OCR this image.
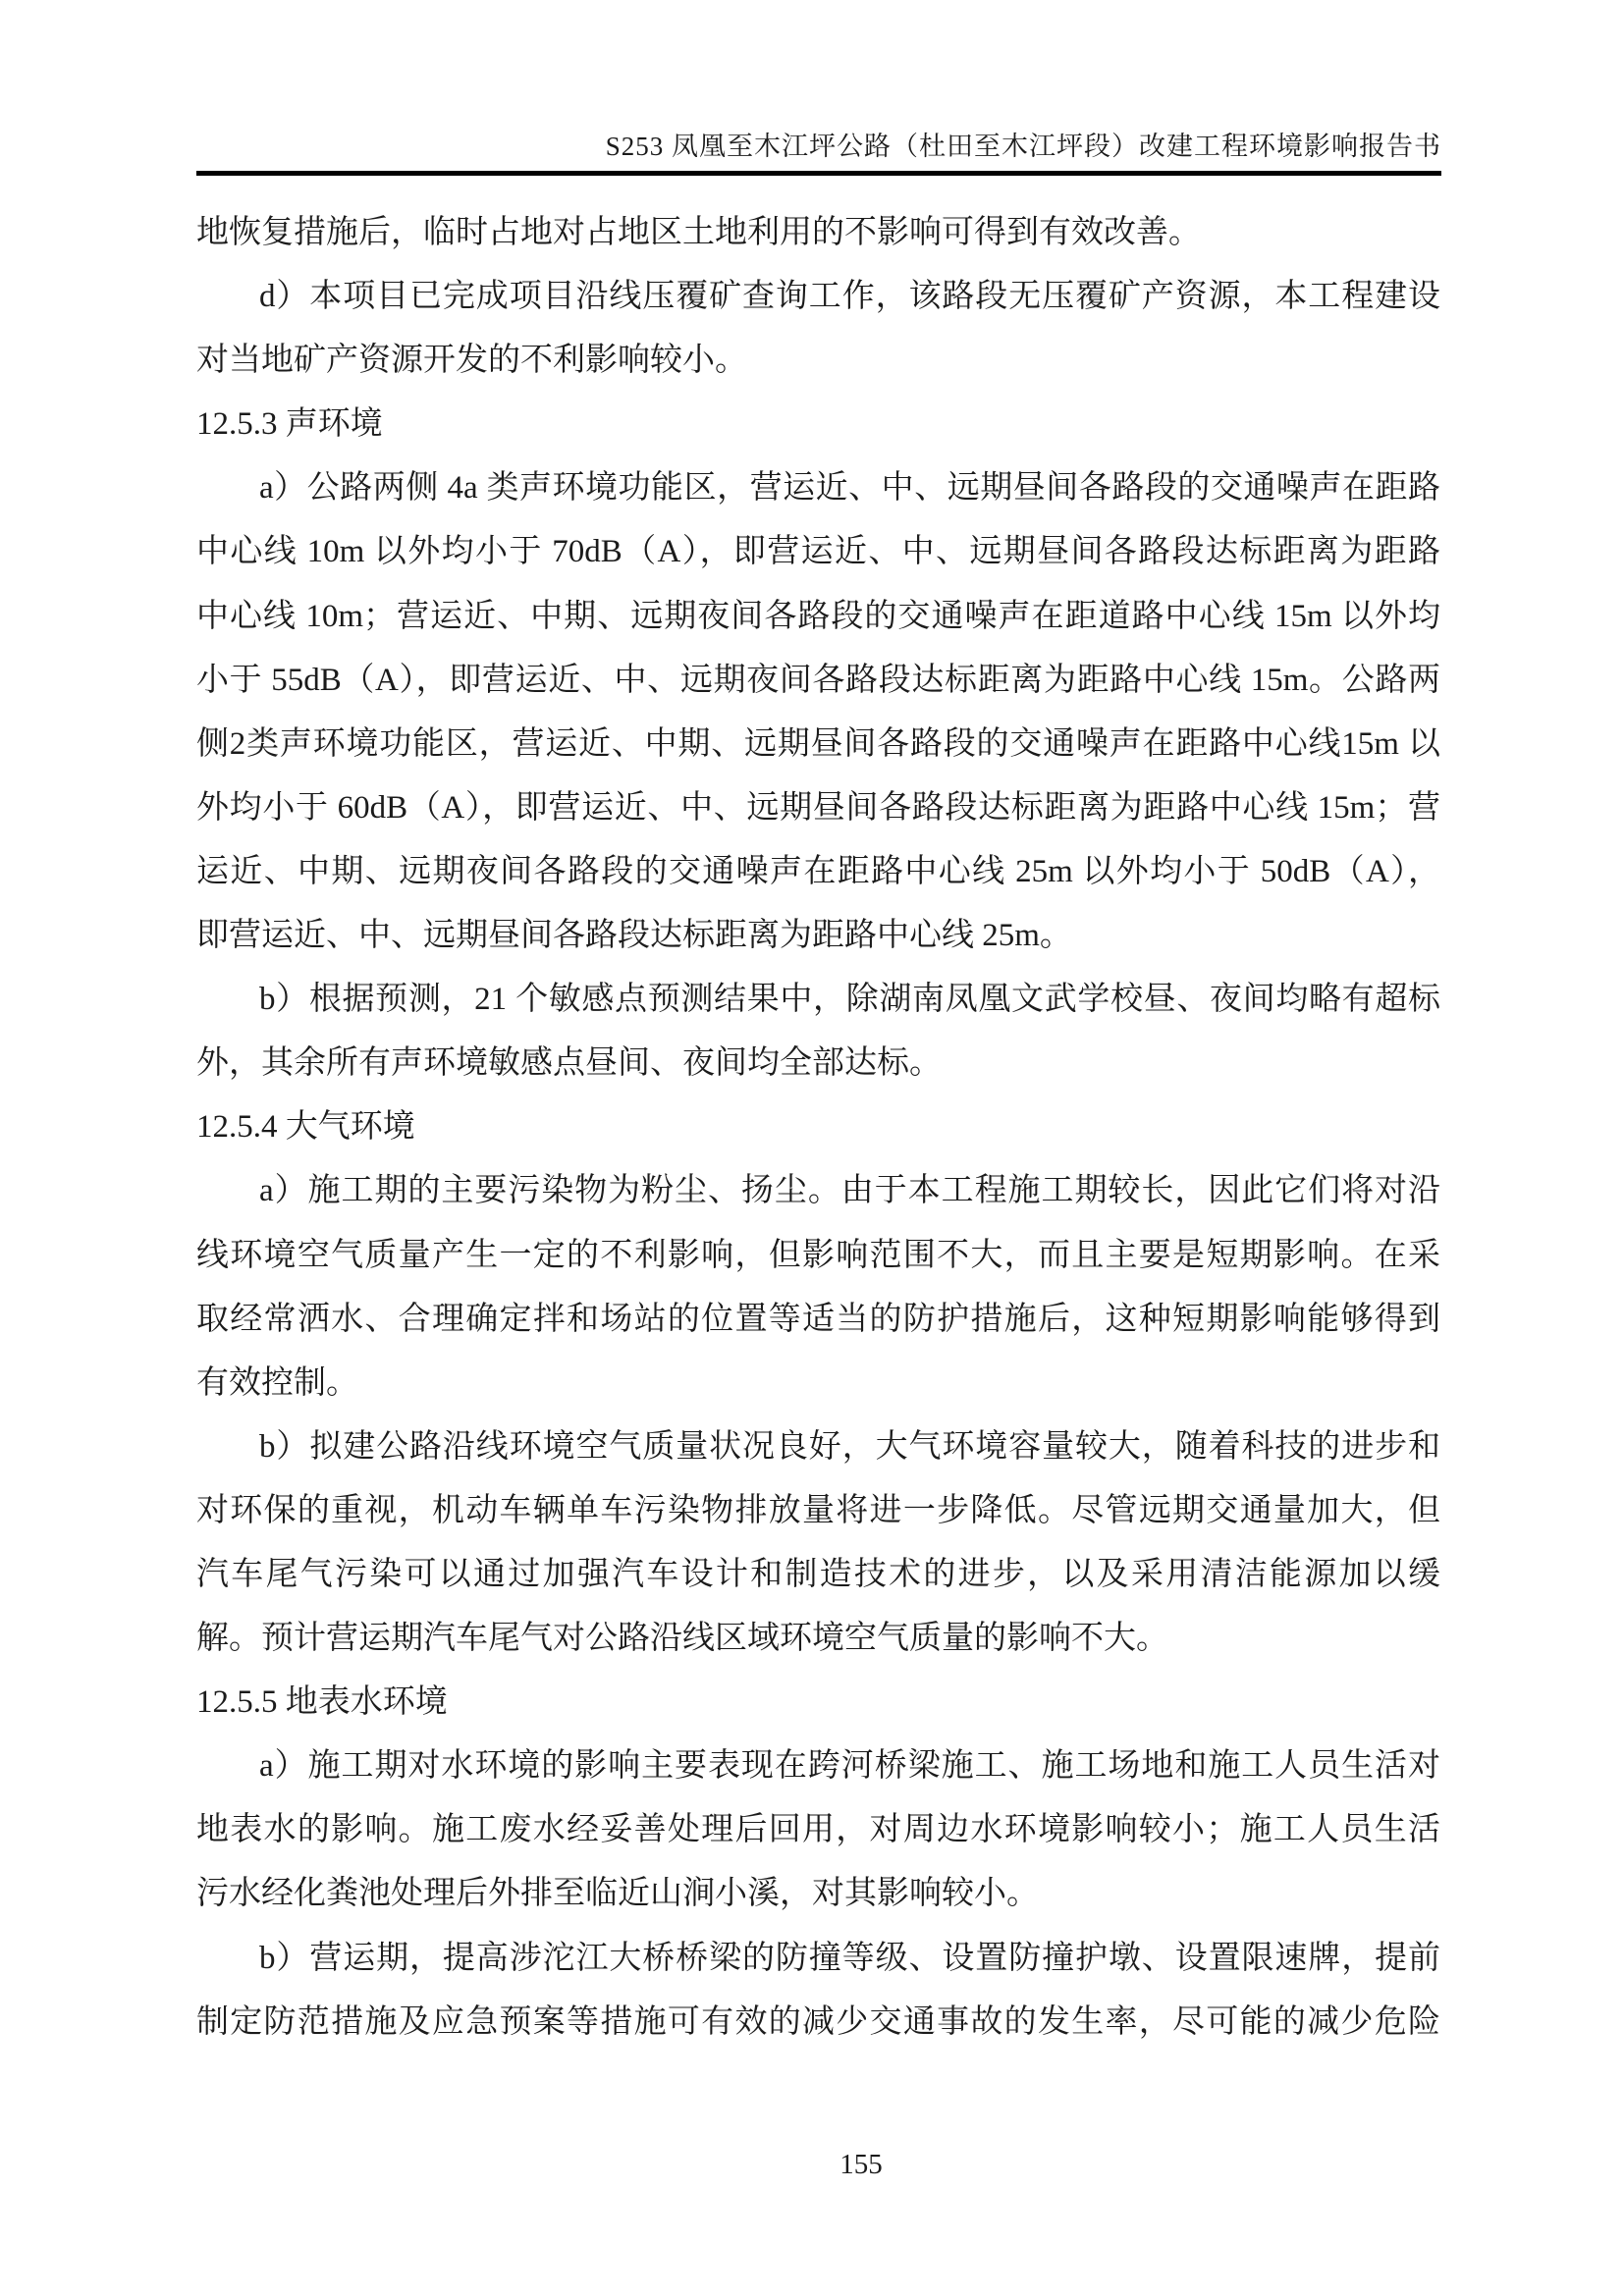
S253 凤凰至木江坪公路（杜田至木江坪段）改建工程环境影响报告书
地恢复措施后，临时占地对占地区土地利用的不影响可得到有效改善。
d）本项目已完成项目沿线压覆矿查询工作，该路段无压覆矿产资源，本工程建设
对当地矿产资源开发的不利影响较小。
12.5.3 声环境
a）公路两侧 4a 类声环境功能区，营运近、中、远期昼间各路段的交通噪声在距路
中心线 10m 以外均小于 70dB（A），即营运近、中、远期昼间各路段达标距离为距路
中心线 10m；营运近、中期、远期夜间各路段的交通噪声在距道路中心线 15m 以外均
小于 55dB（A），即营运近、中、远期夜间各路段达标距离为距路中心线 15m。公路两
侧2类声环境功能区，营运近、中期、远期昼间各路段的交通噪声在距路中心线15m 以
外均小于 60dB（A），即营运近、中、远期昼间各路段达标距离为距路中心线 15m；营
运近、中期、远期夜间各路段的交通噪声在距路中心线 25m 以外均小于 50dB（A），
即营运近、中、远期昼间各路段达标距离为距路中心线 25m。
b）根据预测，21 个敏感点预测结果中，除湖南凤凰文武学校昼、夜间均略有超标
外，其余所有声环境敏感点昼间、夜间均全部达标。
12.5.4 大气环境
a）施工期的主要污染物为粉尘、扬尘。由于本工程施工期较长，因此它们将对沿
线环境空气质量产生一定的不利影响，但影响范围不大，而且主要是短期影响。在采
取经常洒水、合理确定拌和场站的位置等适当的防护措施后，这种短期影响能够得到
有效控制。
b）拟建公路沿线环境空气质量状况良好，大气环境容量较大，随着科技的进步和
对环保的重视，机动车辆单车污染物排放量将进一步降低。尽管远期交通量加大，但
汽车尾气污染可以通过加强汽车设计和制造技术的进步，以及采用清洁能源加以缓
解。预计营运期汽车尾气对公路沿线区域环境空气质量的影响不大。
12.5.5 地表水环境
a）施工期对水环境的影响主要表现在跨河桥梁施工、施工场地和施工人员生活对
地表水的影响。施工废水经妥善处理后回用，对周边水环境影响较小；施工人员生活
污水经化粪池处理后外排至临近山涧小溪，对其影响较小。
b）营运期，提高涉沱江大桥桥梁的防撞等级、设置防撞护墩、设置限速牌，提前
制定防范措施及应急预案等措施可有效的减少交通事故的发生率，尽可能的减少危险
155
